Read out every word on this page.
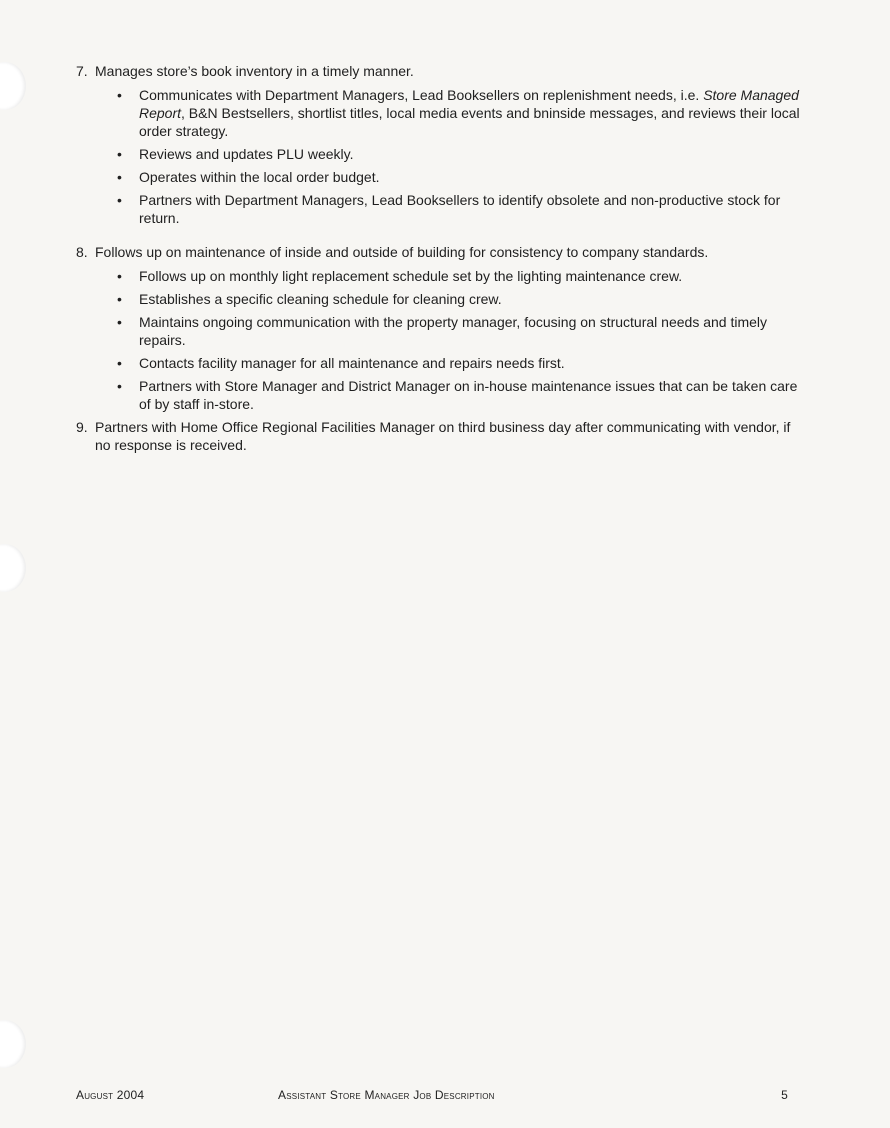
7. Manages store’s book inventory in a timely manner.
• Communicates with Department Managers, Lead Booksellers on replenishment needs, i.e. Store Managed Report, B&N Bestsellers, shortlist titles, local media events and bninside messages, and reviews their local order strategy.
• Reviews and updates PLU weekly.
• Operates within the local order budget.
• Partners with Department Managers, Lead Booksellers to identify obsolete and non-productive stock for return.
8. Follows up on maintenance of inside and outside of building for consistency to company standards.
• Follows up on monthly light replacement schedule set by the lighting maintenance crew.
• Establishes a specific cleaning schedule for cleaning crew.
• Maintains ongoing communication with the property manager, focusing on structural needs and timely repairs.
• Contacts facility manager for all maintenance and repairs needs first.
• Partners with Store Manager and District Manager on in-house maintenance issues that can be taken care of by staff in-store.
9. Partners with Home Office Regional Facilities Manager on third business day after communicating with vendor, if no response is received.
August 2004	Assistant Store Manager Job Description	5
